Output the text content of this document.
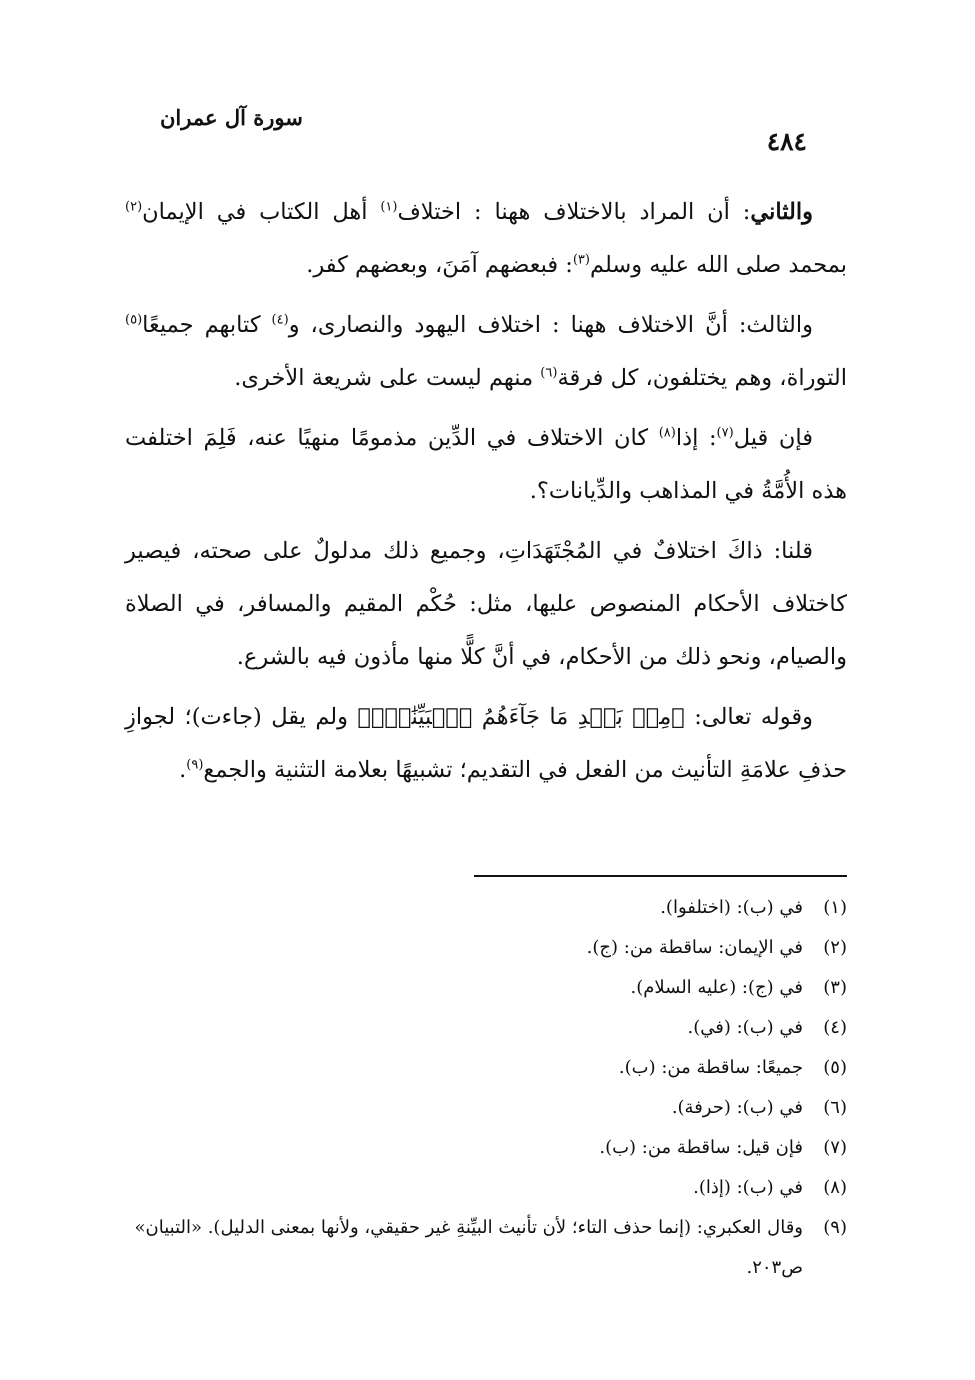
٤٨٤
سورة آل عمران

والثاني: أن المراد بالاختلاف ههنا : اختلاف$^{(١)}$ أهل الكتاب في الإيمان$^{(٢)}$ بمحمد صلى الله عليه وسلم$^{(٣)}$: فبعضهم آمَنَ، وبعضهم كفر.

والثالث: أنَّ الاختلاف ههنا : اختلاف اليهود والنصارى، و$^{(٤)}$ كتابهم جميعًا$^{(٥)}$ التوراة، وهم يختلفون، كل فرقة$^{(٦)}$ منهم ليست على شريعة الأخرى.

فإن قيل$^{(٧)}$: إذا$^{(٨)}$ كان الاختلاف في الدِّين مذمومًا منهيًا عنه، فَلِمَ اختلفت هذه الأُمَّةُ في المذاهب والدِّيانات؟.

قلنا: ذاكَ اختلافٌ في المُجْتَهَدَاتِ، وجميع ذلك مدلولٌ على صحته، فيصير كاختلاف الأحكام المنصوص عليها، مثل: حُكْم المقيم والمسافر، في الصلاة والصيام، ونحو ذلك من الأحكام، في أنَّ كلًّا منها مأذون فيه بالشرع.

وقوله تعالى: ﴿مِنۢ بَعۡدِ مَا جَآءَهُمُ ٱلۡبَيِّنَٰتُۚ﴾ ولم يقل (جاءت)؛ لجوازِ حذفِ علامَةِ التأنيث من الفعل في التقديم؛ تشبيهًا بعلامة التثنية والجمع$^{(٩)}$.

(١)
في (ب): (اختلفوا).
(٢)
في الإيمان: ساقطة من: (ج).
(٣)
في (ج): (عليه السلام).
(٤)
في (ب): (في).
(٥)
جميعًا: ساقطة من: (ب).
(٦)
في (ب): (حرفة).
(٧)
فإن قيل: ساقطة من: (ب).
(٨)
في (ب): (إذا).
(٩)
وقال العكبري: (إنما حذف التاء؛ لأن تأنيث البيِّنةِ غير حقيقي، ولأنها بمعنى الدليل). «التبيان» ص٢٠٣.
